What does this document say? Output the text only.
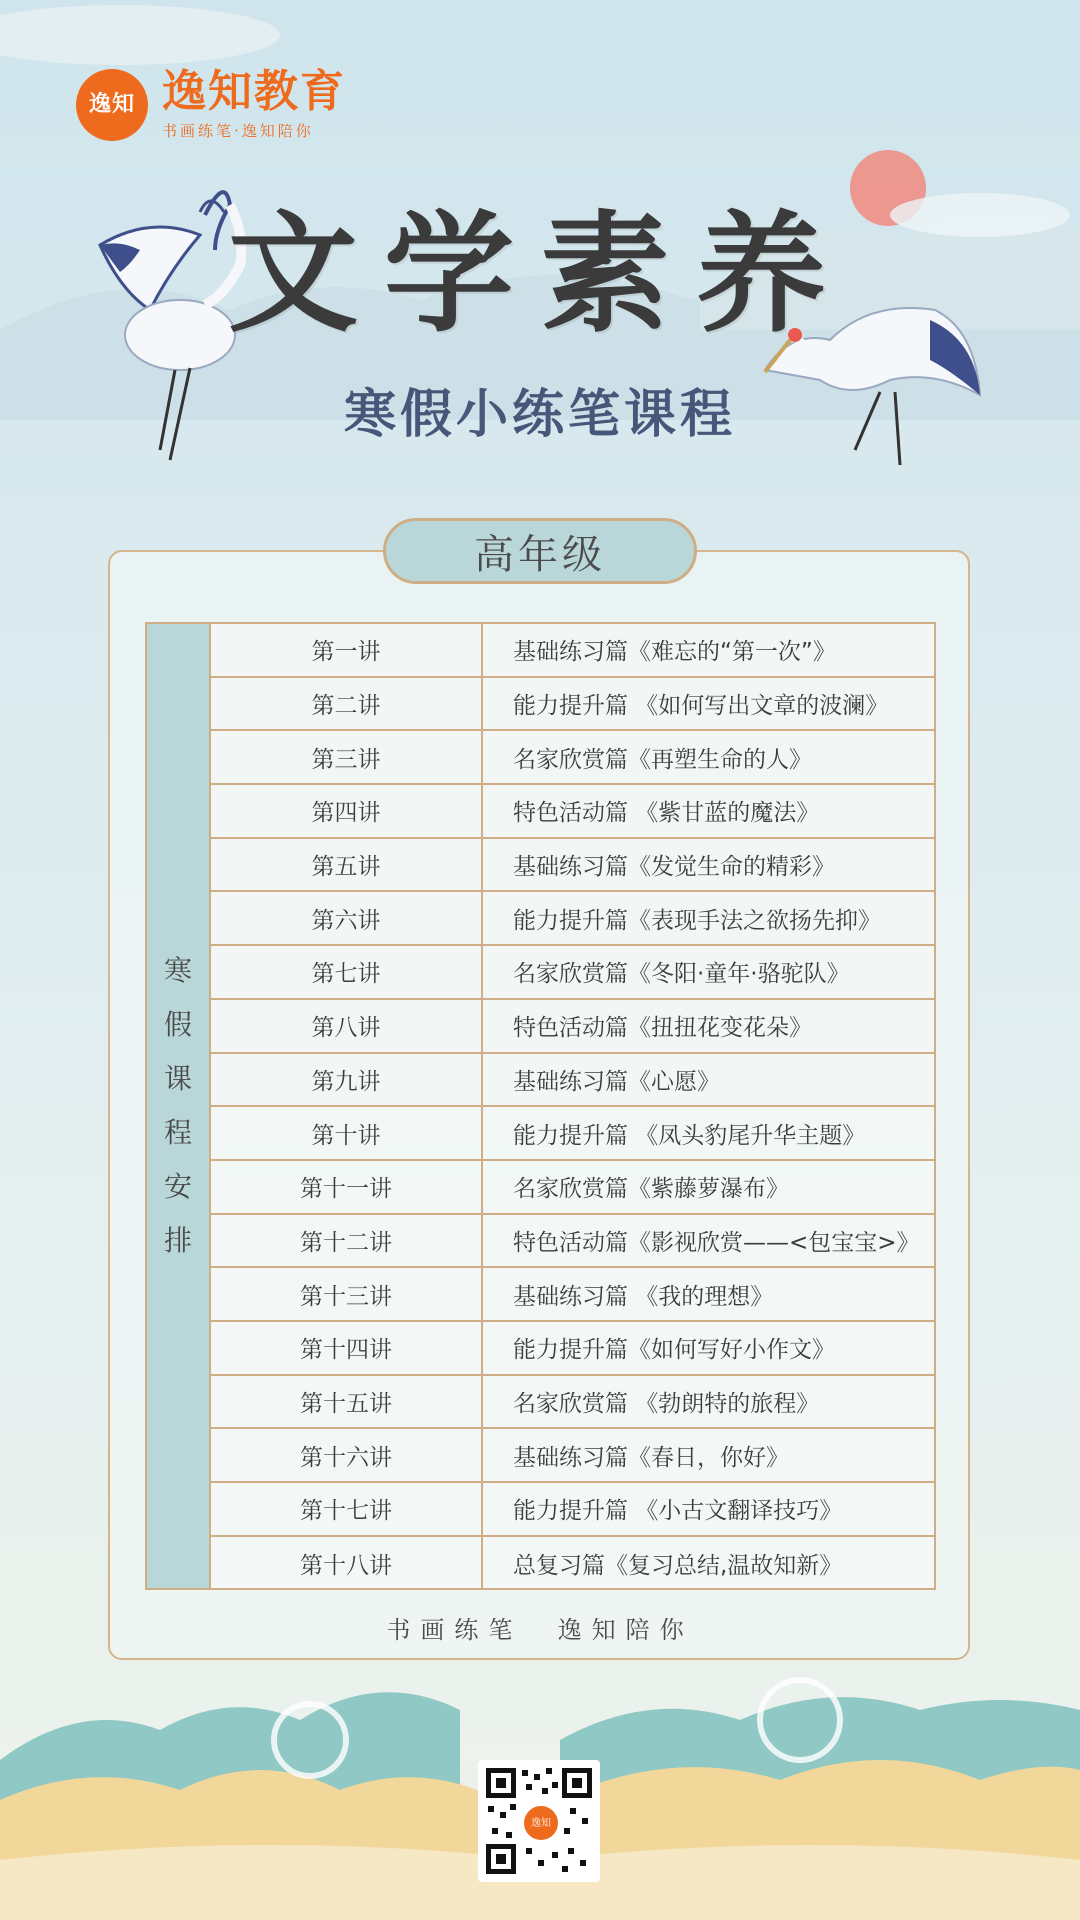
逸知 逸知教育
书画练笔·逸知陪你
文学素养
寒假小练笔课程
高年级
寒
假
课
程
安
排
第一讲	基础练习篇《难忘的“第一次”》
第二讲	能力提升篇 《如何写出文章的波澜》
第三讲	名家欣赏篇《再塑生命的人》
第四讲	特色活动篇 《紫甘蓝的魔法》
第五讲	基础练习篇《发觉生命的精彩》
第六讲	能力提升篇《表现手法之欲扬先抑》
第七讲	名家欣赏篇《冬阳·童年·骆驼队》
第八讲	特色活动篇《扭扭花变花朵》
第九讲	基础练习篇《心愿》
第十讲	能力提升篇 《凤头豹尾升华主题》
第十一讲	名家欣赏篇《紫藤萝瀑布》
第十二讲	特色活动篇《影视欣赏——<包宝宝>》
第十三讲	基础练习篇 《我的理想》
第十四讲	能力提升篇《如何写好小作文》
第十五讲	名家欣赏篇 《勃朗特的旅程》
第十六讲	基础练习篇《春日，你好》
第十七讲	能力提升篇 《小古文翻译技巧》
第十八讲	总复习篇《复习总结,温故知新》
书画练笔  逸知陪你
逸知
